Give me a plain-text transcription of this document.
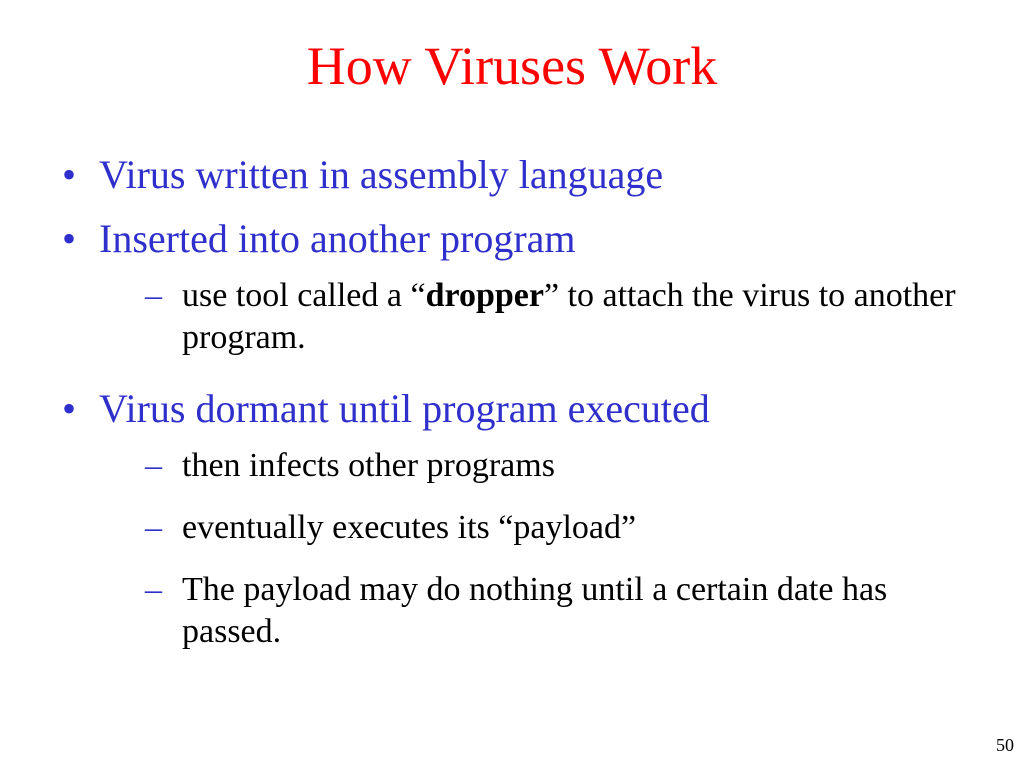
How Viruses Work
• Virus written in assembly language
• Inserted into another program
– use tool called a “dropper” to attach the virus to another program.
• Virus dormant until program executed
– then infects other programs
– eventually executes its “payload”
– The payload may do nothing until a certain date has passed.
50
